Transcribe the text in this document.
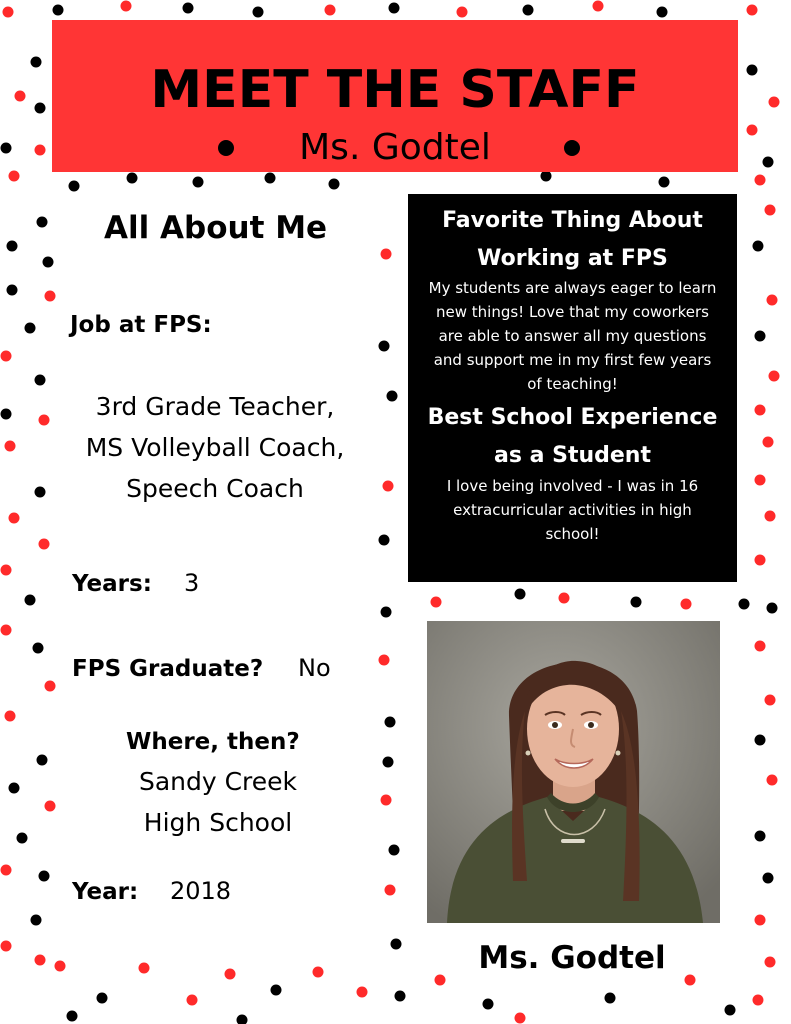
MEET THE STAFF
Ms. Godtel
All About Me
Job at FPS:
3rd Grade Teacher,
MS Volleyball Coach,
Speech Coach
Years: 3
FPS Graduate? No
Where, then?
Sandy Creek
High School
Year: 2018
Favorite Thing About
Working at FPS
My students are always eager to learn
new things! Love that my coworkers
are able to answer all my questions
and support me in my first few years
of teaching!
Best School Experience
as a Student
I love being involved - I was in 16
extracurricular activities in high
school!
Ms. Godtel
